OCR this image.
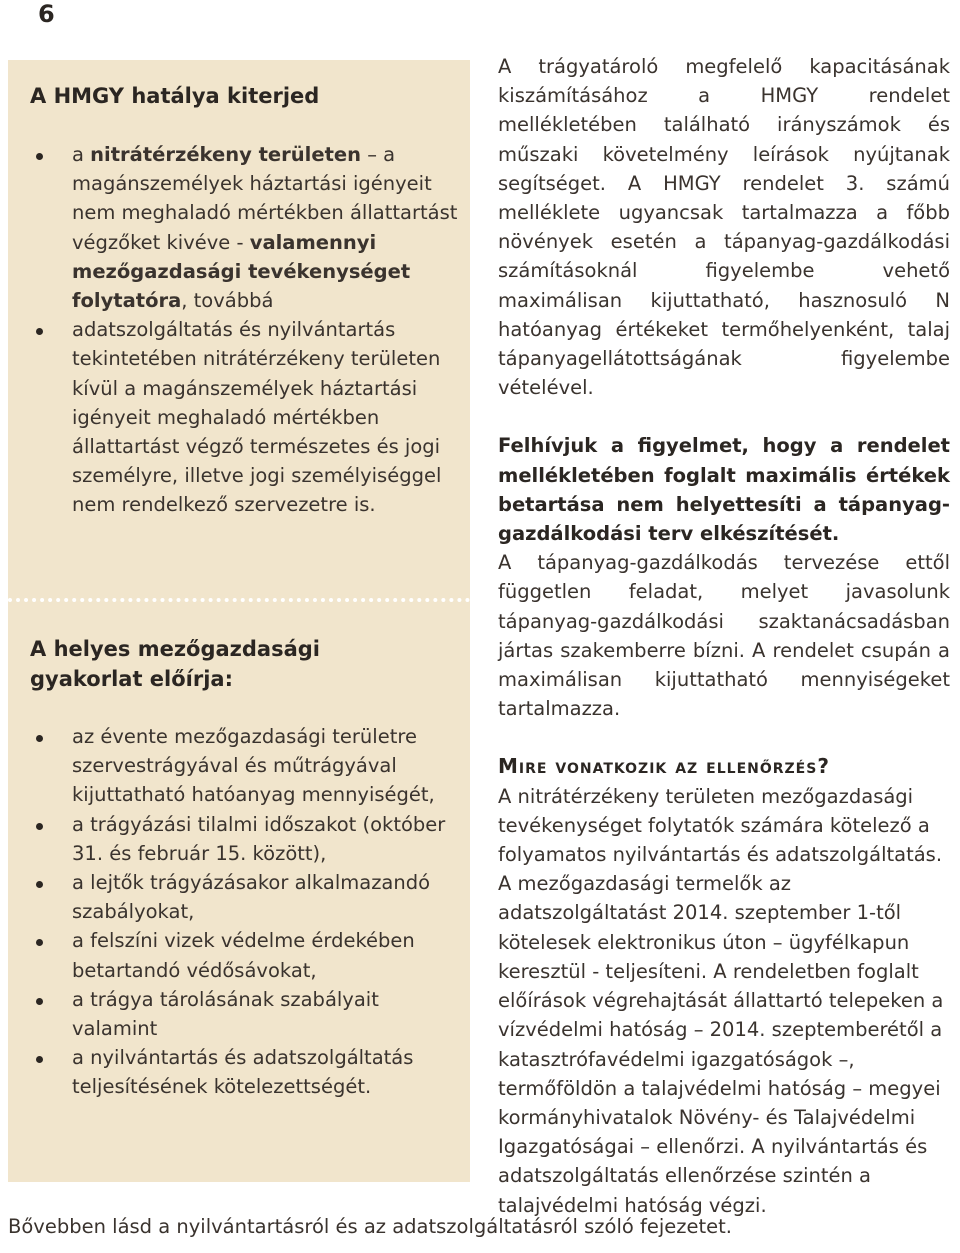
6
A HMGY hatálya kiterjed
a nitrátérzékeny területen – a magánszemélyek háztartási igényeit nem meghaladó mértékben állattartást végzőket kivéve - valamennyi mezőgazdasági tevékenységet folytatóra, továbbá
adatszolgáltatás és nyilvántartás tekintetében nitrátérzékeny területen kívül a magánszemélyek háztartási igényeit meghaladó mértékben állattartást végző természetes és jogi személyre, illetve jogi személyiséggel nem rendelkező szervezetre is.
A helyes mezőgazdasági
gyakorlat előírja:
az évente mezőgazdasági területre szervestrágyával és műtrágyával kijuttatható hatóanyag mennyiségét,
a trágyázási tilalmi időszakot (október 31. és február 15. között),
a lejtők trágyázásakor alkalmazandó szabályokat,
a felszíni vizek védelme érdekében betartandó védősávokat,
a trágya tárolásának szabályait valamint
a nyilvántartás és adatszolgáltatás teljesítésének kötelezettségét.

A trágyatároló megfelelő kapacitásának kiszámításához a HMGY rendelet mellékletében található irányszámok és műszaki követelmény leírások nyújtanak segítséget. A HMGY rendelet 3. számú melléklete ugyancsak tartalmazza a főbb növények esetén a tápanyag-gazdálkodási számításoknál figyelembe vehető maximálisan kijuttatható, hasznosuló N hatóanyag értékeket termőhelyenként, talaj tápanyagellátottságának figyelembe vételével.

Felhívjuk a figyelmet, hogy a rendelet mellékletében foglalt maximális értékek betartása nem helyettesíti a tápanyag-gazdálkodási terv elkészítését.

A tápanyag-gazdálkodás tervezése ettől független feladat, melyet javasolunk tápanyag-gazdálkodási szaktanácsadásban jártas szakemberre bízni. A rendelet csupán a maximálisan kijuttatható mennyiségeket tartalmazza.

Mire vonatkozik az ellenőrzés?

A nitrátérzékeny területen mezőgazdasági tevékenységet folytatók számára kötelező a folyamatos nyilvántartás és adatszolgáltatás. A mezőgazdasági termelők az adatszolgáltatást 2014. szeptember 1-től kötelesek elektronikus úton – ügyfélkapun keresztül - teljesíteni. A rendeletben foglalt előírások végrehajtását állattartó telepeken a vízvédelmi hatóság – 2014. szeptemberétől a katasztrófavédelmi igazgatóságok –, termőföldön a talajvédelmi hatóság – megyei kormányhivatalok Növény- és Talajvédelmi Igazgatóságai – ellenőrzi. A nyilvántartás és adatszolgáltatás ellenőrzése szintén a talajvédelmi hatóság végzi.

Bővebben lásd a nyilvántartásról és az adatszolgáltatásról szóló fejezetet.
